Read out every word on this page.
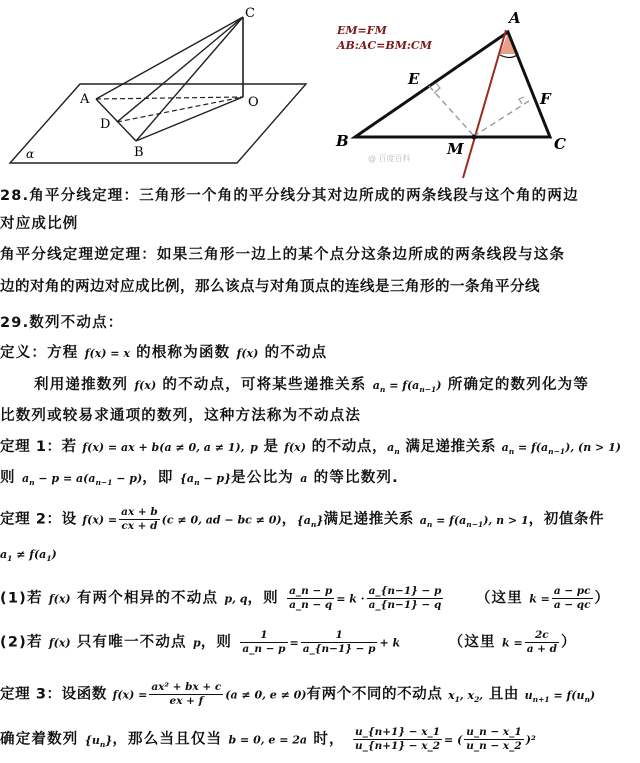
C
A	O
D
B
α
EM=FM
AB:AC=BM:CM
A
B	C
E
F
M
@ 百度百科
28.角平分线定理：三角形一个角的平分线分其对边所成的两条线段与这个角的两边
对应成比例
角平分线定理逆定理：如果三角形一边上的某个点分这条边所成的两条线段与这条
边的对角的两边对应成比例，那么该点与对角顶点的连线是三角形的一条角平分线
29.数列不动点：
定义：方程 f(x) = x 的根称为函数 f(x) 的不动点
利用递推数列 f(x) 的不动点，可将某些递推关系 $a_n = f(a_{n-1})$ 所确定的数列化为等
比数列或较易求通项的数列，这种方法称为不动点法
定理 1：若 f(x) = ax + b(a ≠ 0, a ≠ 1), p 是 f(x) 的不动点，$a_n$ 满足递推关系 $a_n = f(a_{n-1})$, (n > 1)
则 $a_n - p = a(a_{n-1} - p)$，即 $\{a_n - p\}$是公比为 a 的等比数列.
定理 2：设 $f(x) = \frac{ax + b}{cx + d} (c \ne 0$, ad − bc ≠ 0)，$\{a_n\}$满足递推关系 $a_n = f(a_{n-1})$, n > 1，初值条件
$a_1 \ne f(a_1)$
(1)若 f(x) 有两个相异的不动点 p, q，则 $\frac{a\_n - p}{a\_n - q} = k \cdot \frac{a\_\{n-1\} - p}{a\_\{n-1\} - q}$ （这里 $k = \frac{a - pc}{a - qc}$ ）
(2)若 f(x) 只有唯一不动点 p，则 $\frac{1}{a\_n - p} = \frac{1}{a\_\{n-1\} - p} + k$	（这里 $k = \frac{2c}{a + d}$ ）
定理 3：设函数 $f(x) = \frac{\text{ax² + bx + c}}{ex + f} (a \ne 0$, e ≠ 0)有两个不同的不动点 $x_1$, $x_2$, 且由 $u_{n+1} = f(u_n)$
确定着数列 $\{u_n\}$，那么当且仅当 b = 0, e = 2a 时， $\frac{u\_\{n+1\} - x\_1}{u\_\{n+1\} - x\_2}$ = ( $\frac{u\_n - x\_1}{u\_n - x\_2} )^2$
